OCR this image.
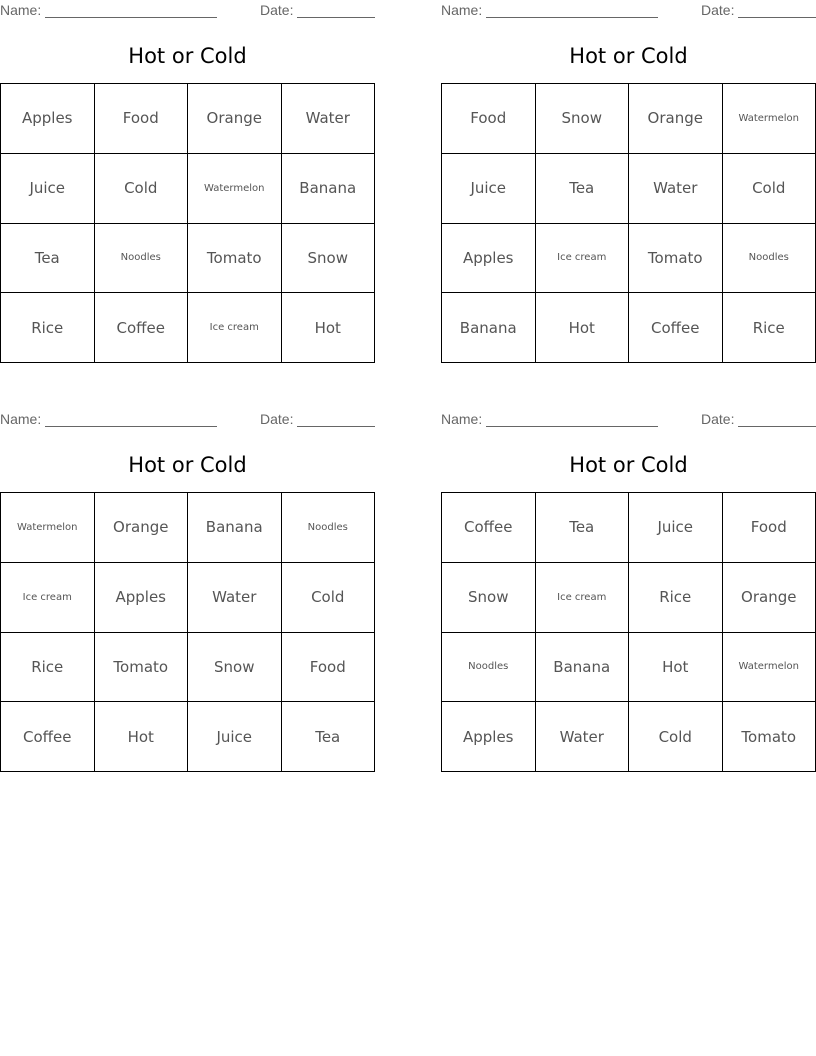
Name:	Date:
Hot or Cold
Apples	Food	Orange	Water
Juice	Cold	Watermelon	Banana
Tea	Noodles	Tomato	Snow
Rice	Coffee	Ice cream	Hot
Name:	Date:
Hot or Cold
Food	Snow	Orange	Watermelon
Juice	Tea	Water	Cold
Apples	Ice cream	Tomato	Noodles
Banana	Hot	Coffee	Rice
Name:	Date:
Hot or Cold
Watermelon	Orange	Banana	Noodles
Ice cream	Apples	Water	Cold
Rice	Tomato	Snow	Food
Coffee	Hot	Juice	Tea
Name:	Date:
Hot or Cold
Coffee	Tea	Juice	Food
Snow	Ice cream	Rice	Orange
Noodles	Banana	Hot	Watermelon
Apples	Water	Cold	Tomato
